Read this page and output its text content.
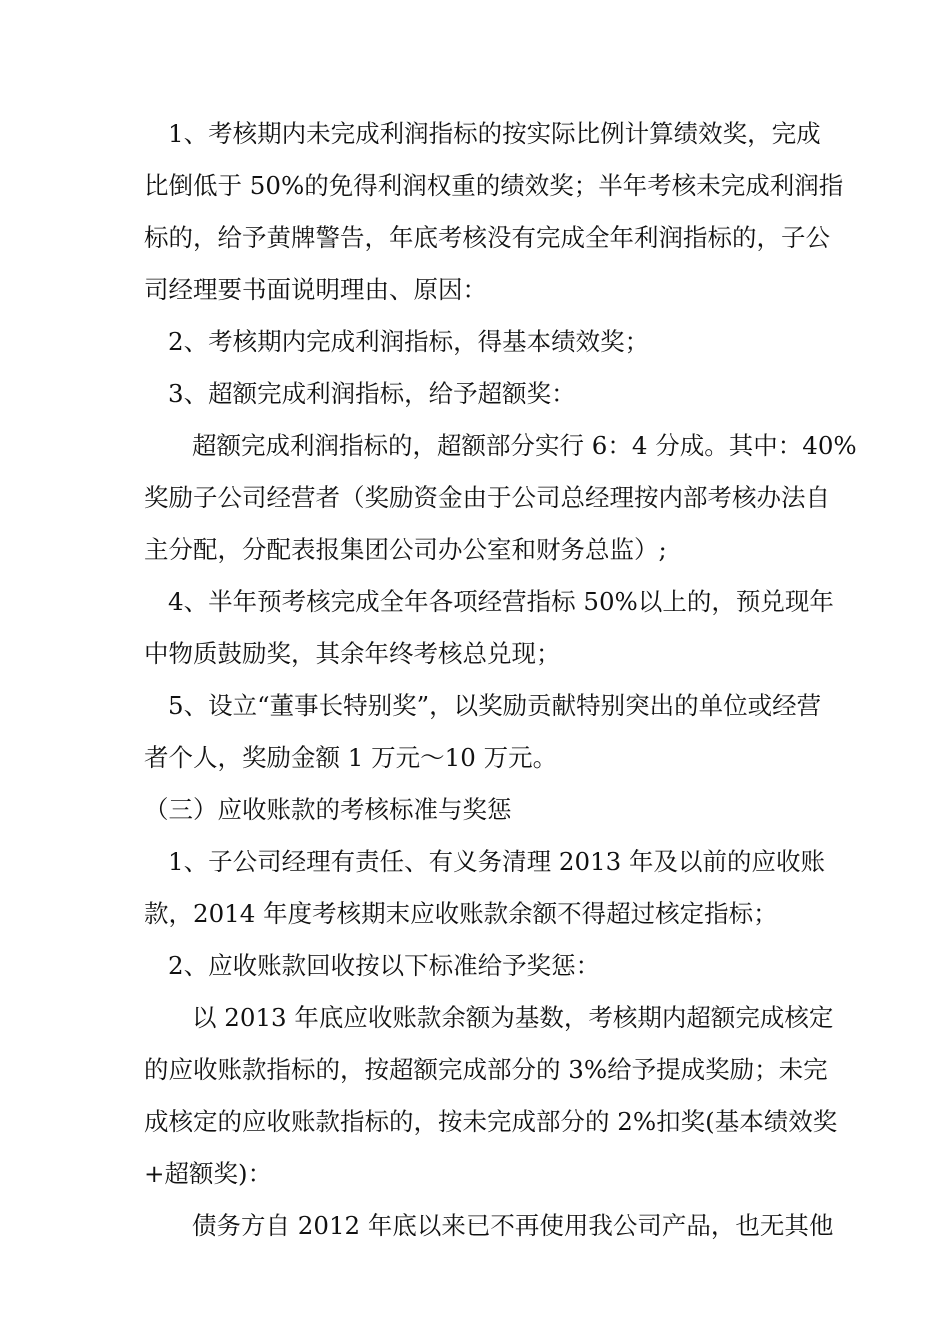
1、考核期内未完成利润指标的按实际比例计算绩效奖，完成
比倒低于 50%的免得利润权重的绩效奖；半年考核未完成利润指
标的，给予黄牌警告，年底考核没有完成全年利润指标的，子公
司经理要书面说明理由、原因：
2、考核期内完成利润指标，得基本绩效奖；
3、超额完成利润指标，给予超额奖：
超额完成利润指标的，超额部分实行 6：4 分成。其中：40%
奖励子公司经营者（奖励资金由于公司总经理按内部考核办法自
主分配，分配表报集团公司办公室和财务总监）;
4、半年预考核完成全年各项经营指标 50%以上的，预兑现年
中物质鼓励奖，其余年终考核总兑现；
5、设立“董事长特别奖”，以奖励贡献特别突出的单位或经营
者个人，奖励金额 1 万元～10 万元。
（三）应收账款的考核标准与奖惩
1、子公司经理有责任、有义务清理 2013 年及以前的应收账
款，2014 年度考核期末应收账款余额不得超过核定指标；
2、应收账款回收按以下标准给予奖惩：
以 2013 年底应收账款余额为基数，考核期内超额完成核定
的应收账款指标的，按超额完成部分的 3%给予提成奖励；未完
成核定的应收账款指标的，按未完成部分的 2%扣奖(基本绩效奖
+超额奖)：
债务方自 2012 年底以来已不再使用我公司产品，也无其他
